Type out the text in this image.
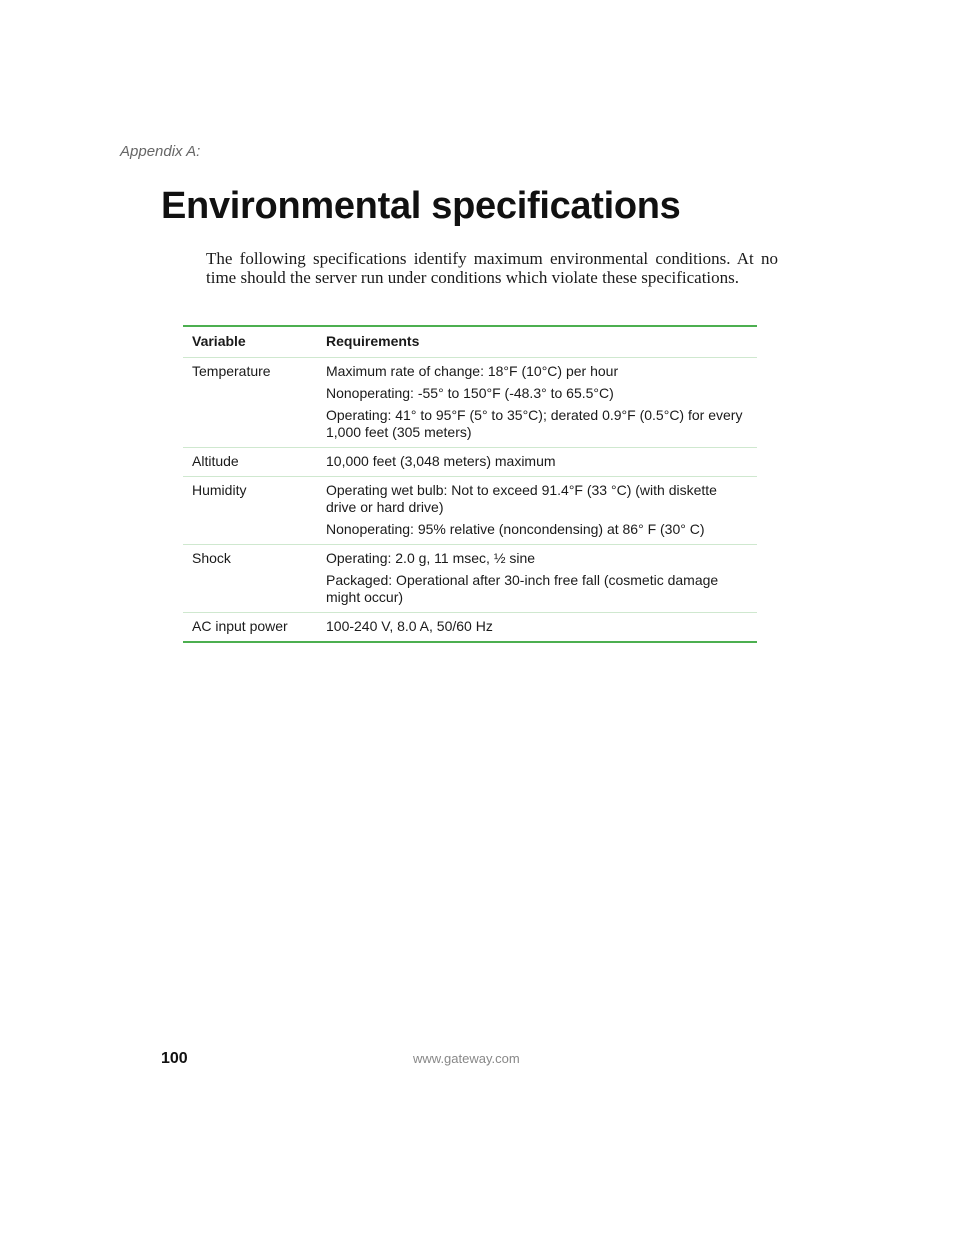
Appendix A:
Environmental specifications

The following specifications identify maximum environmental conditions. At no time should the server run under conditions which violate these specifications.

Variable	Requirements
Temperature	Maximum rate of change: 18°F (10°C) per hour

Nonoperating: -55° to 150°F (-48.3° to 65.5°C)

Operating: 41° to 95°F (5° to 35°C); derated 0.9°F (0.5°C) for every 1,000 feet (305 meters)

Altitude	10,000 feet (3,048 meters) maximum

Humidity	Operating wet bulb: Not to exceed 91.4°F (33 °C) (with diskette drive or hard drive)

Nonoperating: 95% relative (noncondensing) at 86° F (30° C)

Shock	Operating: 2.0 g, 11 msec, ½ sine

Packaged: Operational after 30-inch free fall (cosmetic damage might occur)

AC input power	100-240 V, 8.0 A, 50/60 Hz

100	www.gateway.com
